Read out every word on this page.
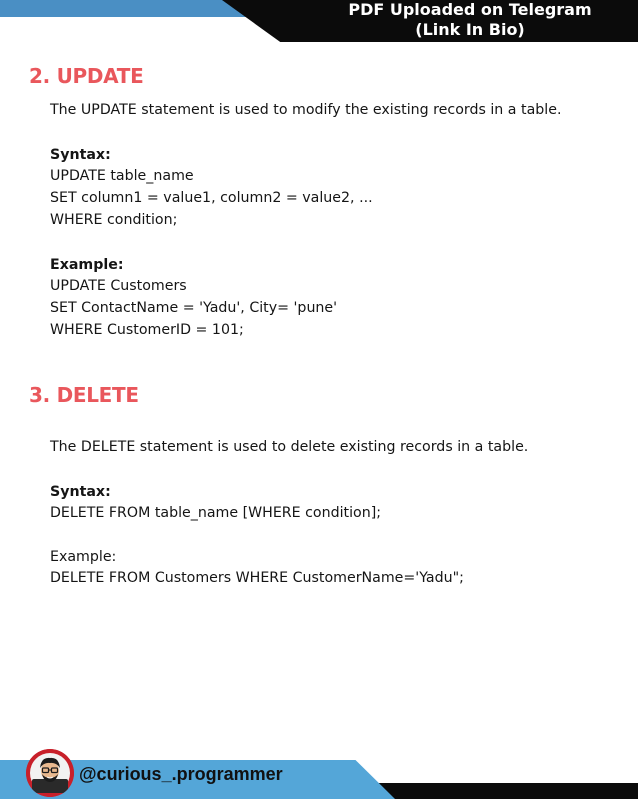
PDF Uploaded on Telegram
(Link In Bio)
2. UPDATE
The UPDATE statement is used to modify the existing records in a table.
Syntax:
UPDATE table_name
SET column1 = value1, column2 = value2, ...
WHERE condition;
Example:
UPDATE Customers
SET ContactName = 'Yadu', City= 'pune'
WHERE CustomerID = 101;
3. DELETE
The DELETE statement is used to delete existing records in a table.
Syntax:
DELETE FROM table_name [WHERE condition];
Example:
DELETE FROM Customers WHERE CustomerName='Yadu";
@curious_.programmer
